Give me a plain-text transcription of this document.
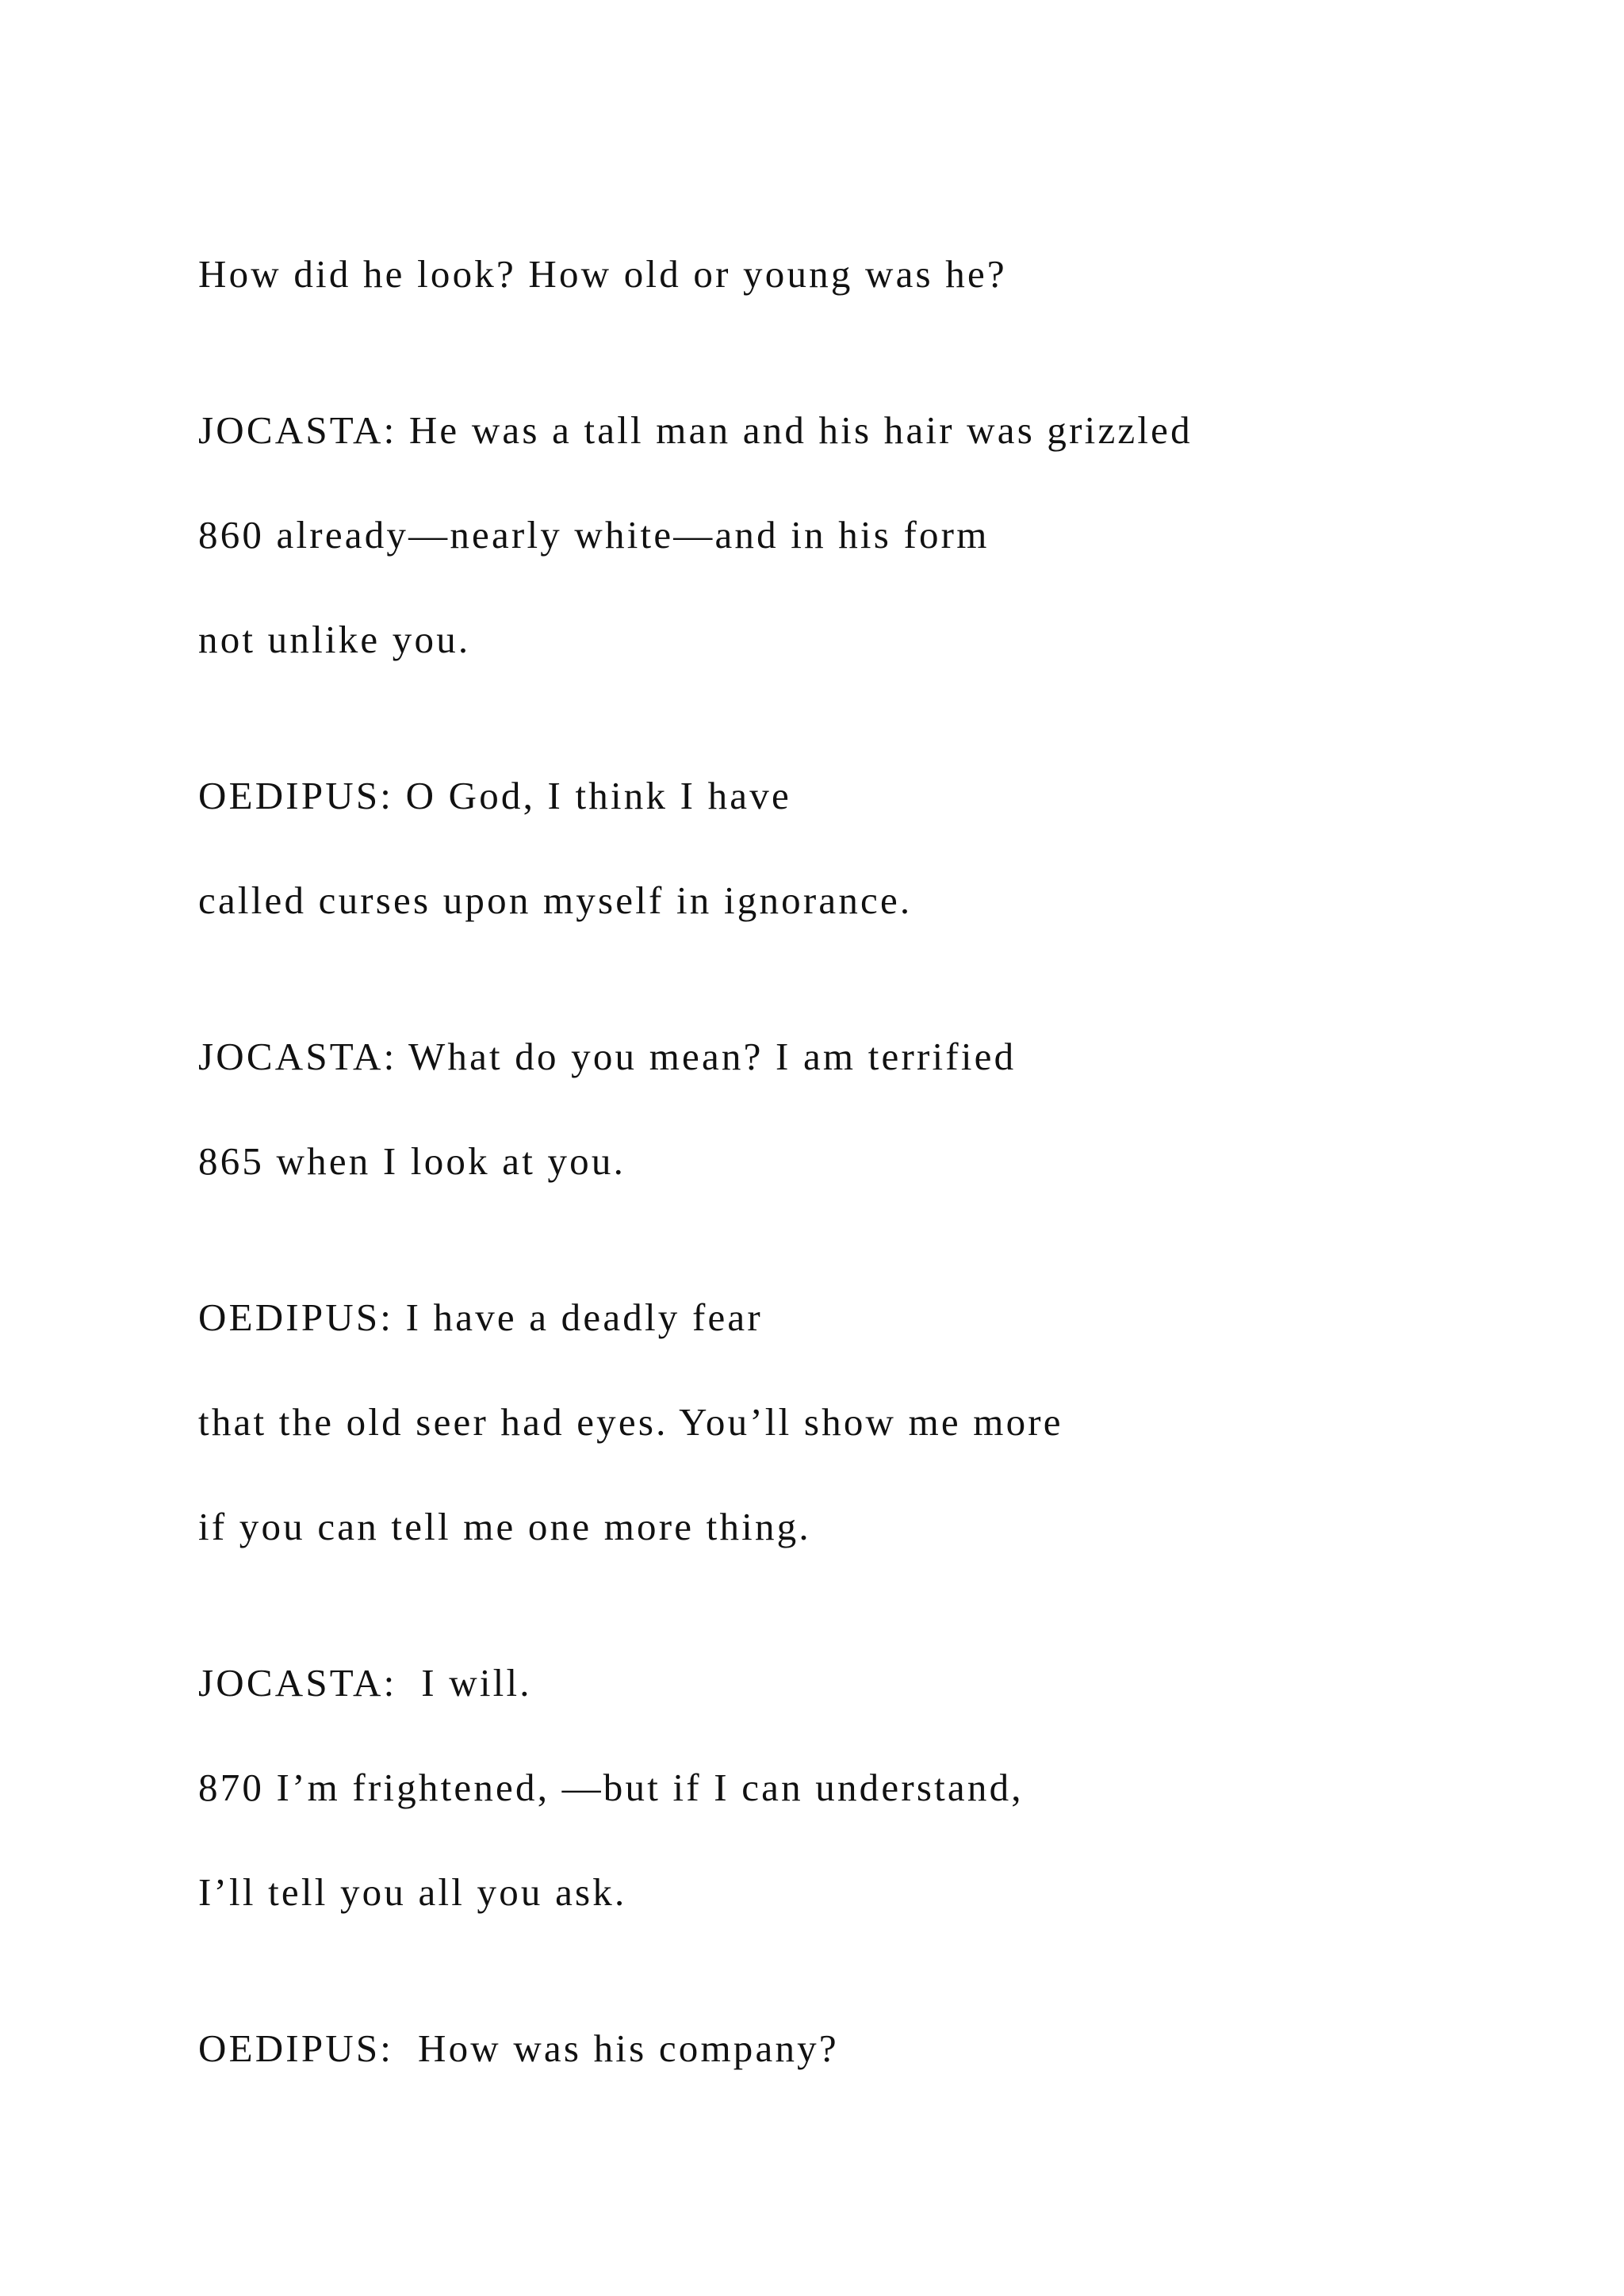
How did he look? How old or young was he?

JOCASTA: He was a tall man and his hair was grizzled

860 already—nearly white—and in his form

not unlike you.

OEDIPUS: O God, I think I have

called curses upon myself in ignorance.

JOCASTA: What do you mean? I am terrified

865 when I look at you.

OEDIPUS: I have a deadly fear

that the old seer had eyes. You’ll show me more

if you can tell me one more thing.

JOCASTA:  I will.

870 I’m frightened, —but if I can understand,

I’ll tell you all you ask.

OEDIPUS:  How was his company?
